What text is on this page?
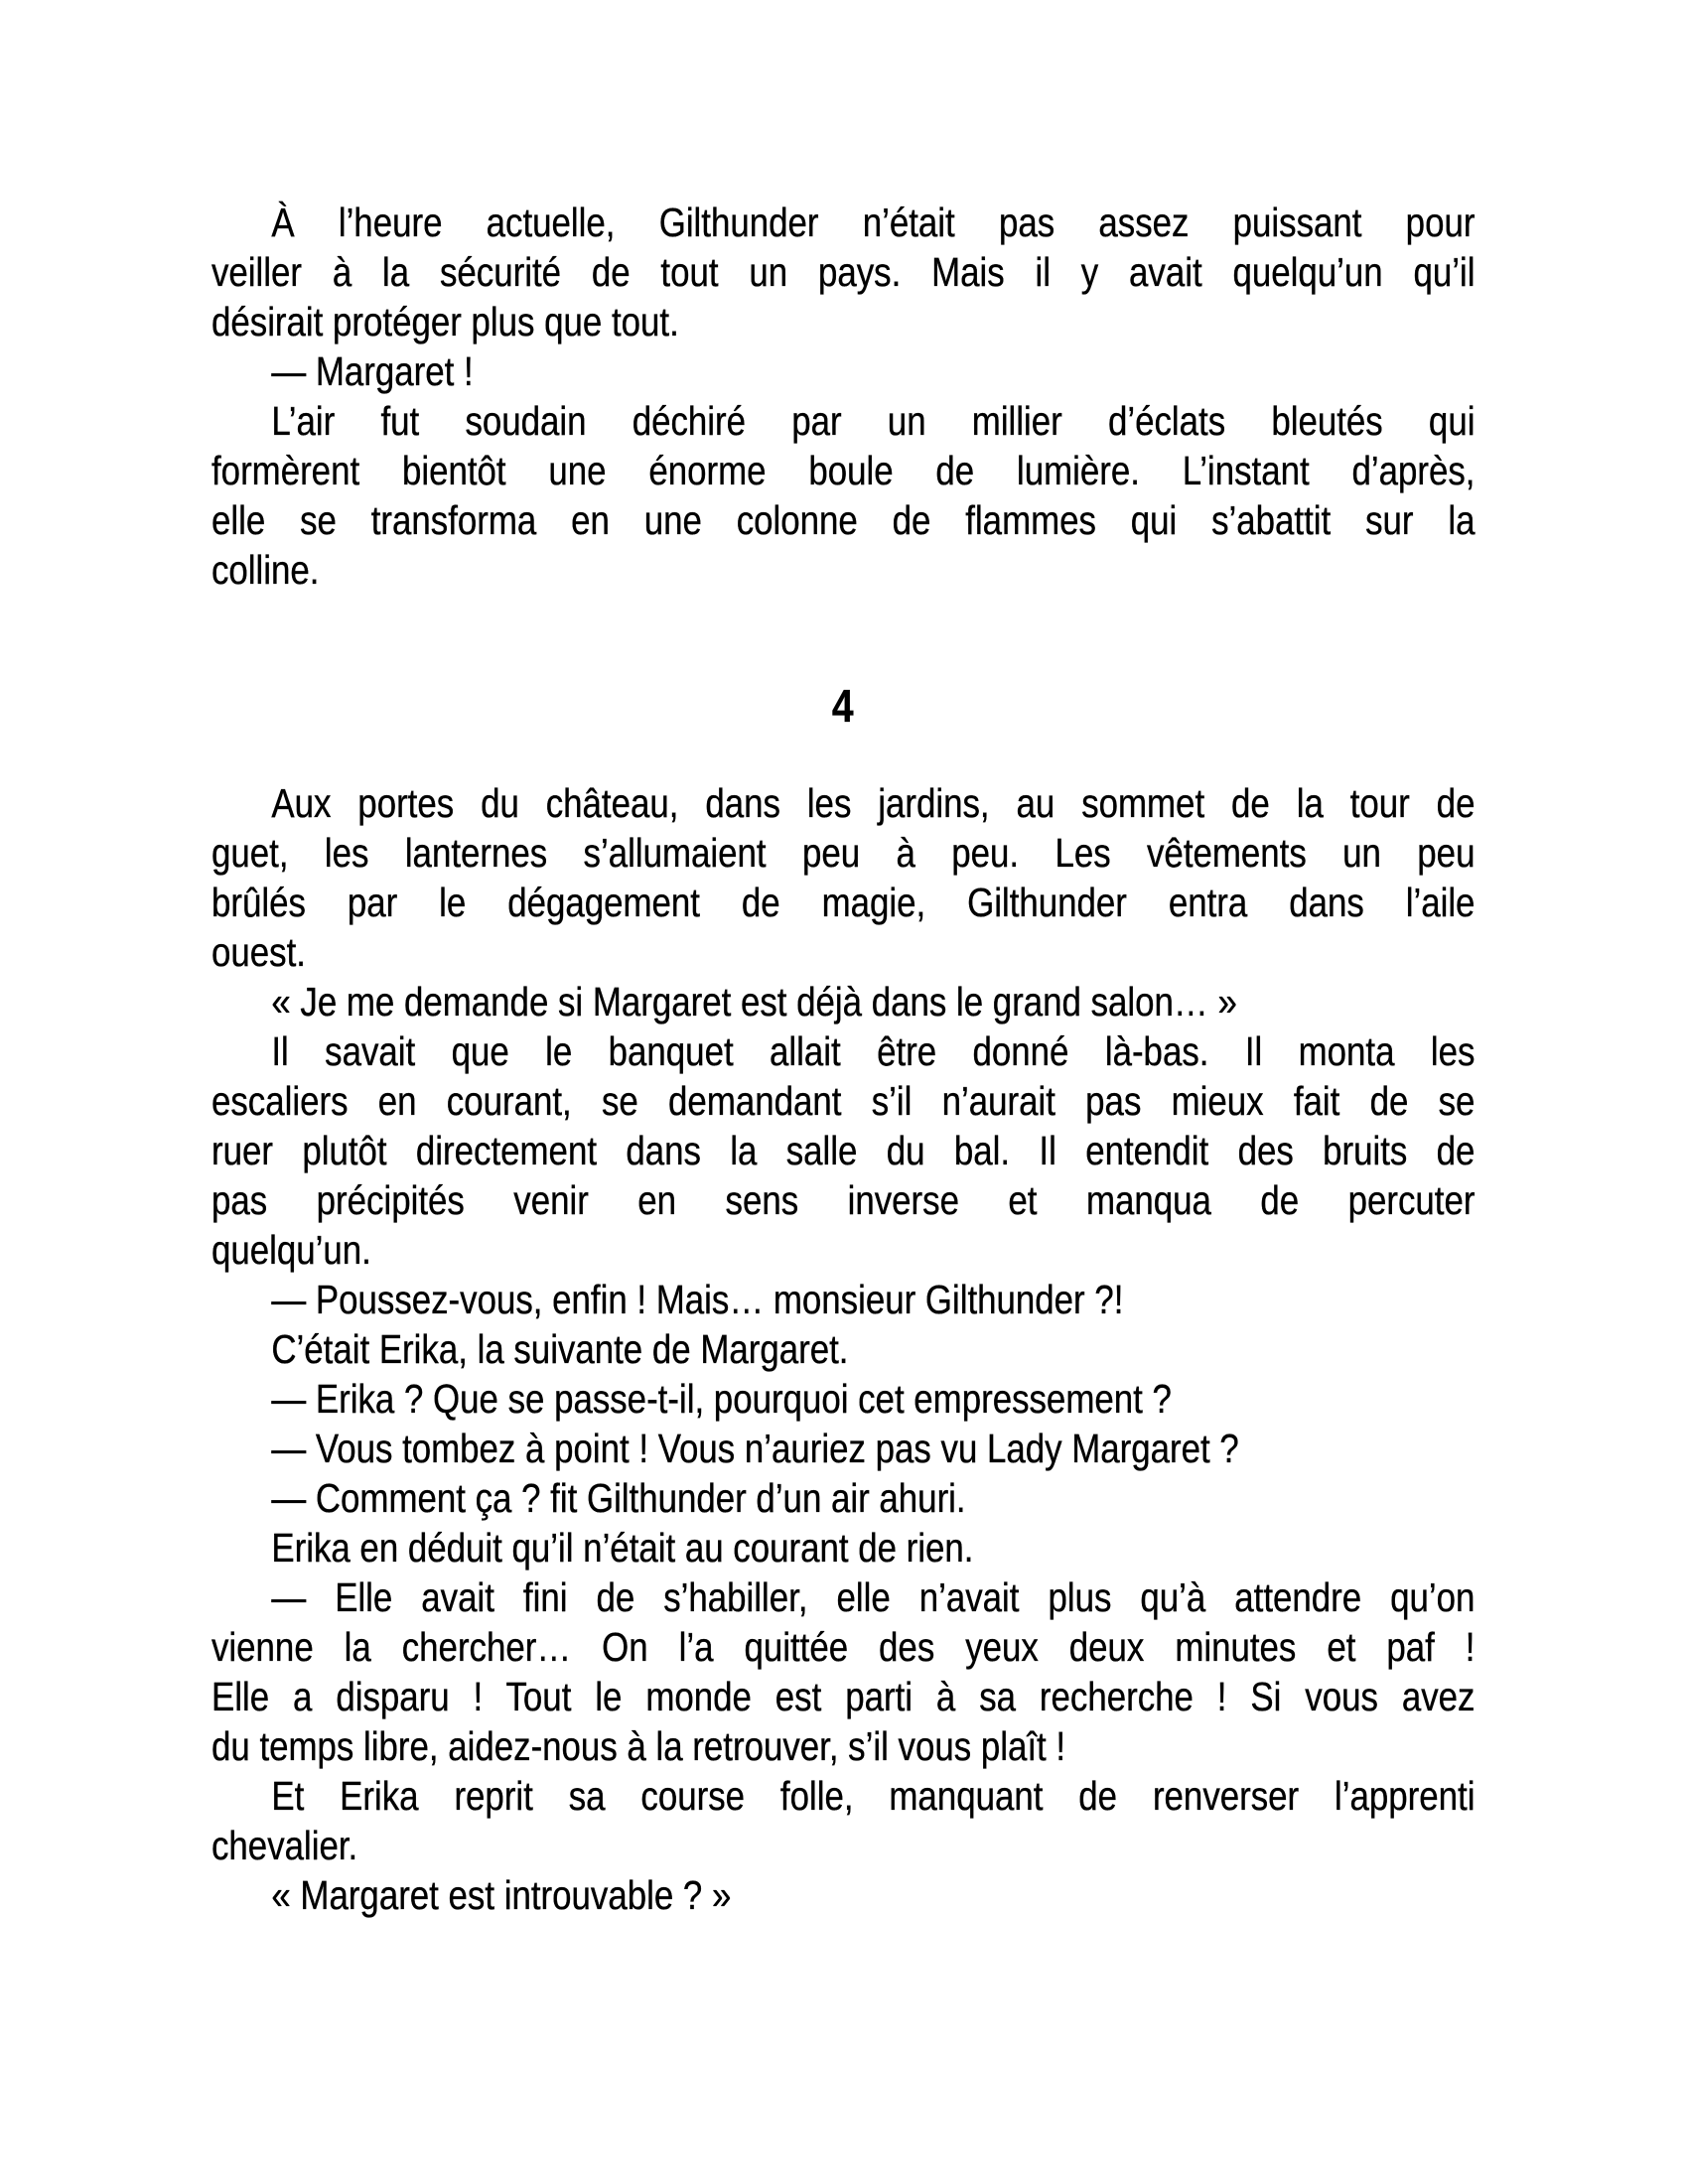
À l’heure actuelle, Gilthunder n’était pas assez puissant pour
veiller à la sécurité de tout un pays. Mais il y avait quelqu’un qu’il
désirait protéger plus que tout.
— Margaret !
L’air fut soudain déchiré par un millier d’éclats bleutés qui
formèrent bientôt une énorme boule de lumière. L’instant d’après,
elle se transforma en une colonne de flammes qui s’abattit sur la
colline.
4
Aux portes du château, dans les jardins, au sommet de la tour de
guet, les lanternes s’allumaient peu à peu. Les vêtements un peu
brûlés par le dégagement de magie, Gilthunder entra dans l’aile
ouest.
« Je me demande si Margaret est déjà dans le grand salon… »
Il savait que le banquet allait être donné là-bas. Il monta les
escaliers en courant, se demandant s’il n’aurait pas mieux fait de se
ruer plutôt directement dans la salle du bal. Il entendit des bruits de
pas précipités venir en sens inverse et manqua de percuter
quelqu’un.
— Poussez-vous, enfin ! Mais… monsieur Gilthunder ?!
C’était Erika, la suivante de Margaret.
— Erika ? Que se passe-t-il, pourquoi cet empressement ?
— Vous tombez à point ! Vous n’auriez pas vu Lady Margaret ?
— Comment ça ? fit Gilthunder d’un air ahuri.
Erika en déduit qu’il n’était au courant de rien.
— Elle avait fini de s’habiller, elle n’avait plus qu’à attendre qu’on
vienne la chercher… On l’a quittée des yeux deux minutes et paf !
Elle a disparu ! Tout le monde est parti à sa recherche ! Si vous avez
du temps libre, aidez-nous à la retrouver, s’il vous plaît !
Et Erika reprit sa course folle, manquant de renverser l’apprenti
chevalier.
« Margaret est introuvable ? »
